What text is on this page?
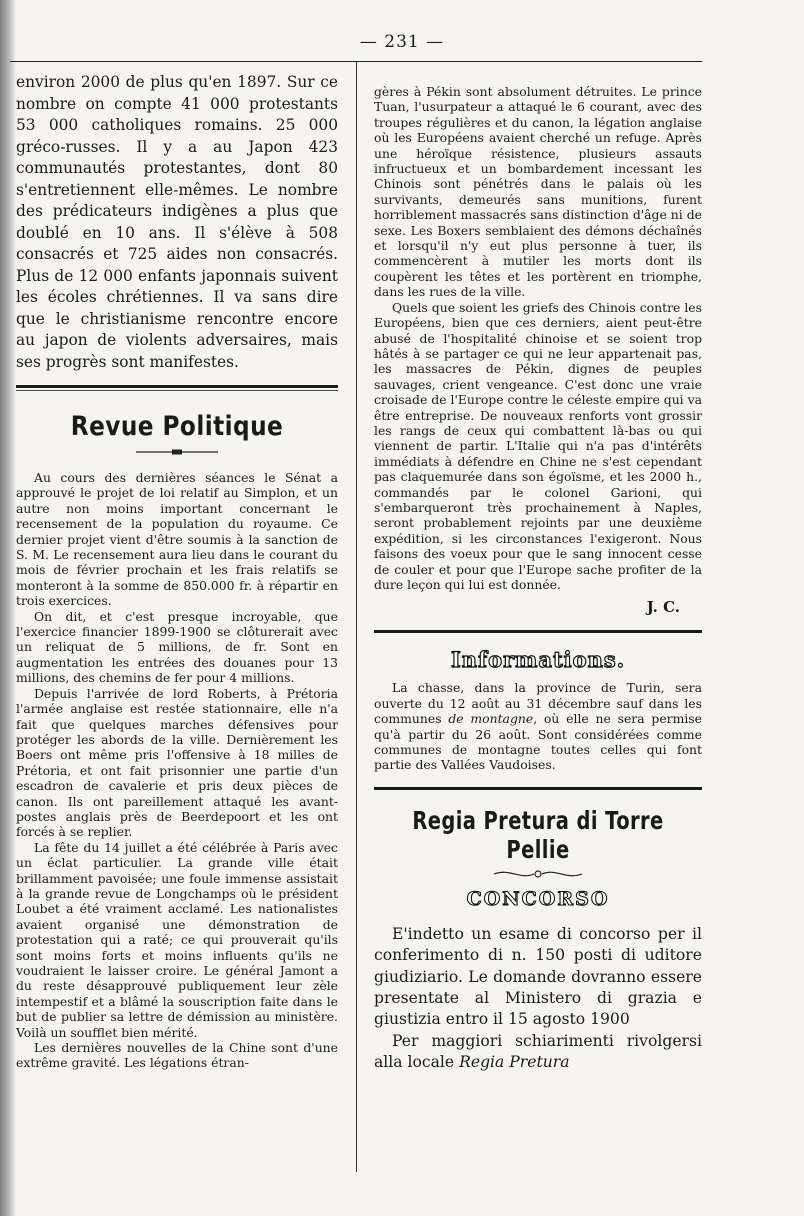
— 231 —

environ 2000 de plus qu'en 1897. Sur ce nombre on compte 41 000 protestants 53 000 catholiques romains. 25 000 gréco-russes. Il y a au Japon 423 communautés protestantes, dont 80 s'entretiennent elle-mêmes. Le nombre des prédicateurs indigènes a plus que doublé en 10 ans. Il s'élève à 508 consacrés et 725 aides non consacrés. Plus de 12 000 enfants japonnais suivent les écoles chrétiennes. Il va sans dire que le christianisme rencontre encore au japon de violents adversaires, mais ses progrès sont manifestes.

Revue Politique

Au cours des dernières séances le Sénat a approuvé le projet de loi relatif au Simplon, et un autre non moins important concernant le recensement de la population du royaume. Ce dernier projet vient d'être soumis à la sanction de S. M. Le recensement aura lieu dans le courant du mois de février prochain et les frais relatifs se monteront à la somme de 850.000 fr. à répartir en trois exercices.

On dit, et c'est presque incroyable, que l'exercice financier 1899-1900 se clôturerait avec un reliquat de 5 millions, de fr. Sont en augmentation les entrées des douanes pour 13 millions, des chemins de fer pour 4 millions.

Depuis l'arrivée de lord Roberts, à Prétoria l'armée anglaise est restée stationnaire, elle n'a fait que quelques marches défensives pour protéger les abords de la ville. Dernièrement les Boers ont même pris l'offensive à 18 milles de Prétoria, et ont fait prisonnier une partie d'un escadron de cavalerie et pris deux pièces de canon. Ils ont pareillement attaqué les avant-postes anglais près de Beerdepoort et les ont forcés à se replier.

La fête du 14 juillet a été célébrée à Paris avec un éclat particulier. La grande ville était brillamment pavoisée; une foule immense assistait à la grande revue de Longchamps où le président Loubet a été vraiment acclamé. Les nationalistes avaient organisé une démonstration de protestation qui a raté; ce qui prouverait qu'ils sont moins forts et moins influents qu'ils ne voudraient le laisser croire. Le général Jamont a du reste désapprouvé publiquement leur zèle intempestif et a blâmé la souscription faite dans le but de publier sa lettre de démission au ministère. Voilà un soufflet bien mérité.

Les dernières nouvelles de la Chine sont d'une extrême gravité. Les légations étran-

gères à Pékin sont absolument détruites. Le prince Tuan, l'usurpateur a attaqué le 6 courant, avec des troupes régulières et du canon, la légation anglaise où les Européens avaient cherché un refuge. Après une héroïque résistence, plusieurs assauts infructueux et un bombardement incessant les Chinois sont pénétrés dans le palais où les survivants, demeurés sans munitions, furent horriblement massacrés sans distinction d'âge ni de sexe. Les Boxers semblaient des démons déchaînés et lorsqu'il n'y eut plus personne à tuer, ils commencèrent à mutiler les morts dont ils coupèrent les têtes et les portèrent en triomphe, dans les rues de la ville.

Quels que soient les griefs des Chinois contre les Européens, bien que ces derniers, aient peut-être abusé de l'hospitalité chinoise et se soient trop hâtés à se partager ce qui ne leur appartenait pas, les massacres de Pékin, dignes de peuples sauvages, crient vengeance. C'est donc une vraie croisade de l'Europe contre le céleste empire qui va être entreprise. De nouveaux renforts vont grossir les rangs de ceux qui combattent là-bas ou qui viennent de partir. L'Italie qui n'a pas d'intérêts immédiats à défendre en Chine ne s'est cependant pas claquemurée dans son égoïsme, et les 2000 h., commandés par le colonel Garioni, qui s'embarqueront très prochainement à Naples, seront probablement rejoints par une deuxième expédition, si les circonstances l'exigeront. Nous faisons des voeux pour que le sang innocent cesse de couler et pour que l'Europe sache profiter de la dure leçon qui lui est donnée.

J. C.
Informations.

La chasse, dans la province de Turin, sera ouverte du 12 août au 31 décembre sauf dans les communes de montagne, où elle ne sera permise qu'à partir du 26 août. Sont considérées comme communes de montagne toutes celles qui font partie des Vallées Vaudoises.

Regia Pretura di Torre Pellie
CONCORSO

E'indetto un esame di concorso per il conferimento di n. 150 posti di uditore giudiziario. Le domande dovranno essere presentate al Ministero di grazia e giustizia entro il 15 agosto 1900

Per maggiori schiarimenti rivolgersi alla locale Regia Pretura
